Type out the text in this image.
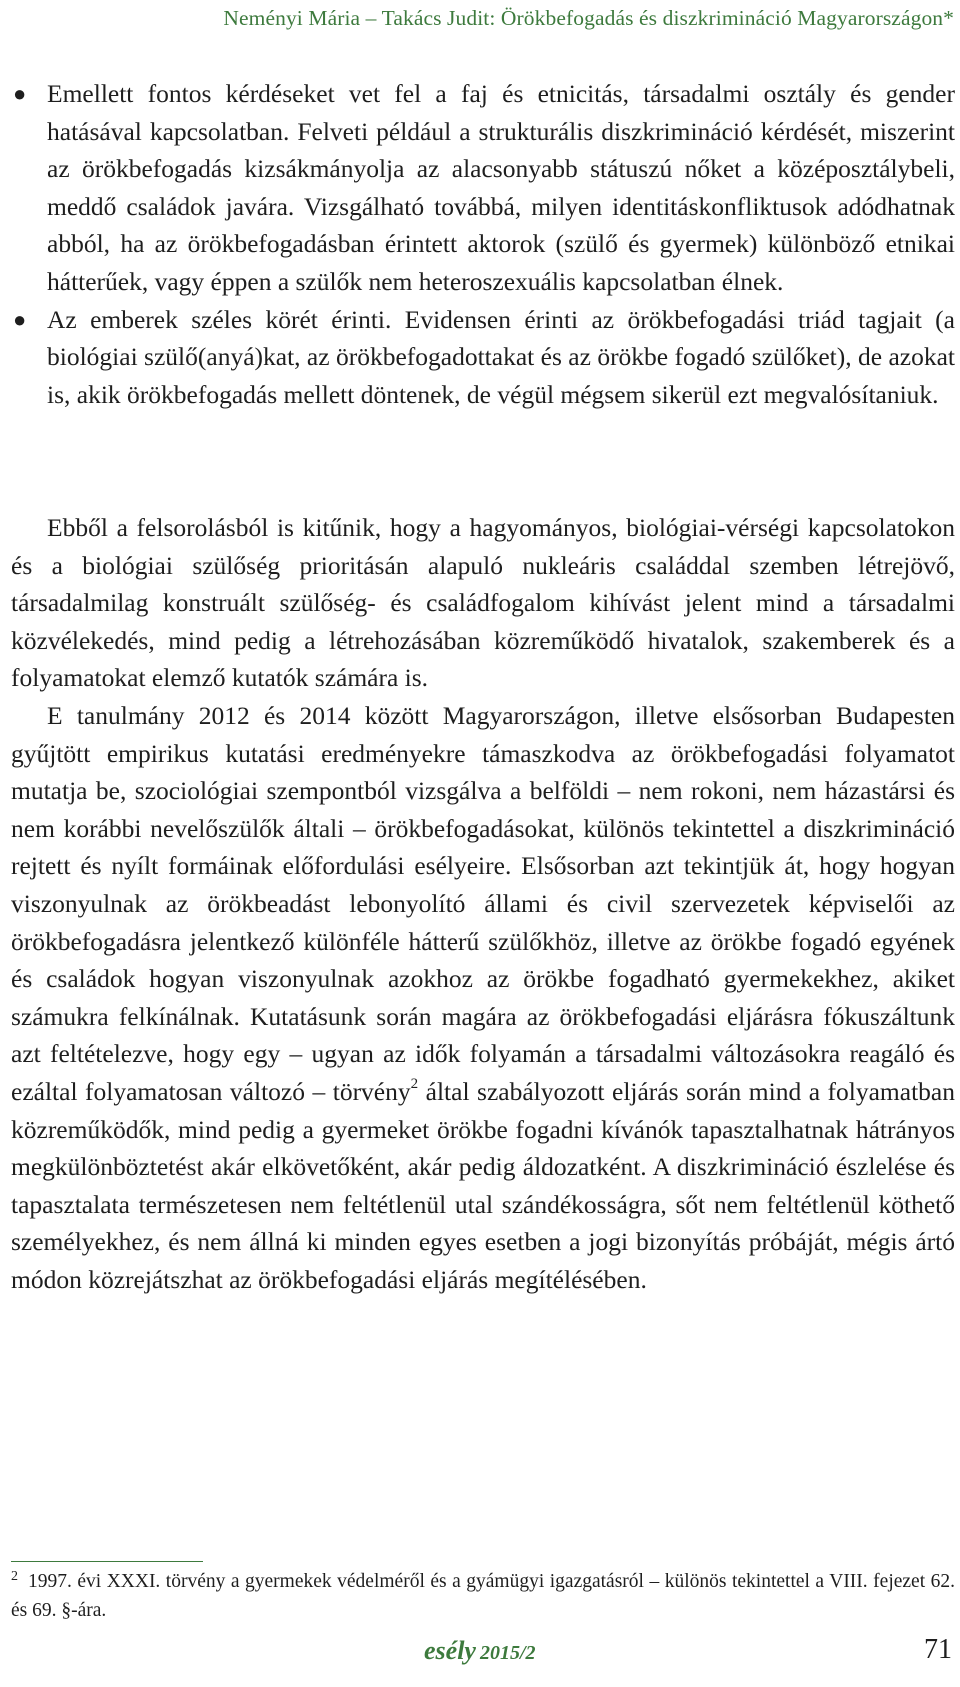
Neményi Mária – Takács Judit: Örökbefogadás és diszkrimináció Magyarországon*
● Emellett fontos kérdéseket vet fel a faj és etnicitás, társadalmi osztály és gender hatásával kapcsolatban. Felveti például a strukturális diszkrimináció kérdését, miszerint az örökbefogadás kizsákmányolja az alacsonyabb státuszú nőket a középosztálybeli, meddő családok javára. Vizsgálható továbbá, milyen identitáskonfliktusok adódhatnak abból, ha az örökbefogadásban érintett aktorok (szülő és gyermek) különböző etnikai hátterűek, vagy éppen a szülők nem heteroszexuális kapcsolatban élnek.
● Az emberek széles körét érinti. Evidensen érinti az örökbefogadási triád tagjait (a biológiai szülő(anyá)kat, az örökbefogadottakat és az örökbe fogadó szülőket), de azokat is, akik örökbefogadás mellett döntenek, de végül mégsem sikerül ezt megvalósítaniuk.

Ebből a felsorolásból is kitűnik, hogy a hagyományos, biológiai-vérségi kapcsolatokon és a biológiai szülőség prioritásán alapuló nukleáris családdal szemben létrejövő, társadalmilag konstruált szülőség- és családfogalom kihívást jelent mind a társadalmi közvélekedés, mind pedig a létrehozásában közreműködő hivatalok, szakemberek és a folyamatokat elemző kutatók számára is.

E tanulmány 2012 és 2014 között Magyarországon, illetve elsősorban Budapesten gyűjtött empirikus kutatási eredményekre támaszkodva az örökbefogadási folyamatot mutatja be, szociológiai szempontból vizsgálva a belföldi – nem rokoni, nem házastársi és nem korábbi nevelőszülők általi – örökbefogadásokat, különös tekintettel a diszkrimináció rejtett és nyílt formáinak előfordulási esélyeire. Elsősorban azt tekintjük át, hogy hogyan viszonyulnak az örökbeadást lebonyolító állami és civil szervezetek képviselői az örökbefogadásra jelentkező különféle hátterű szülőkhöz, illetve az örökbe fogadó egyének és családok hogyan viszonyulnak azokhoz az örökbe fogadható gyermekekhez, akiket számukra felkínálnak. Kutatásunk során magára az örökbefogadási eljárásra fókuszáltunk azt feltételezve, hogy egy – ugyan az idők folyamán a társadalmi változásokra reagáló és ezáltal folyamatosan változó – törvény$^2$ által szabályozott eljárás során mind a folyamatban közreműködők, mind pedig a gyermeket örökbe fogadni kívánók tapasztalhatnak hátrányos megkülönböztetést akár elkövetőként, akár pedig áldozatként. A diszkrimináció észlelése és tapasztalata természetesen nem feltétlenül utal szándékosságra, sőt nem feltétlenül köthető személyekhez, és nem állná ki minden egyes esetben a jogi bizonyítás próbáját, mégis ártó módon közrejátszhat az örökbefogadási eljárás megítélésében.

$^2$ 1997. évi XXXI. törvény a gyermekek védelméről és a gyámügyi igazgatásról – különös tekintettel a VIII. fejezet 62. és 69. §-ára.
esély 2015/2	71
